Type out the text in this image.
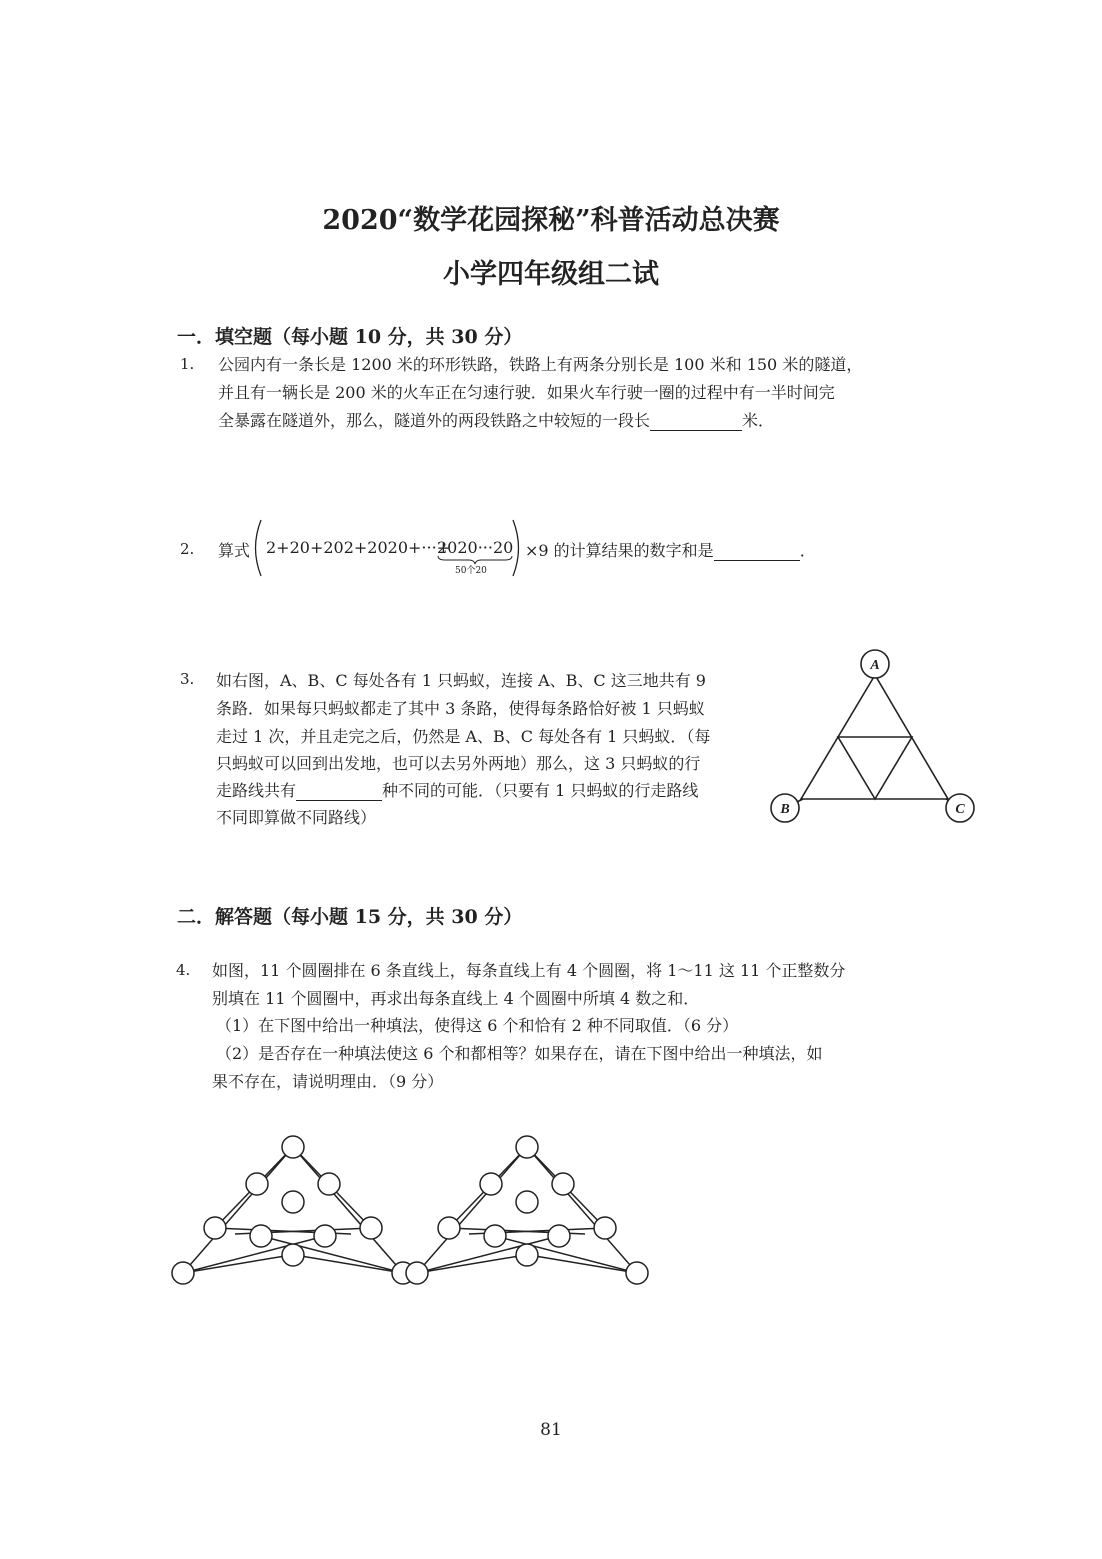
2020“数学花园探秘”科普活动总决赛
小学四年级组二试
一．填空题（每小题 10 分，共 30 分）
1. 公园内有一条长是 1200 米的环形铁路，铁路上有两条分别长是 100 米和 150 米的隧道，
并且有一辆长是 200 米的火车正在匀速行驶．如果火车行驶一圈的过程中有一半时间完
全暴露在隧道外，那么，隧道外的两段铁路之中较短的一段长	米．
2. 算式 2+20+202+2020+···+
2020···20
50个20
×9 的计算结果的数字和是	．
3. 如右图，A、B、C 每处各有 1 只蚂蚁，连接 A、B、C 这三地共有 9
条路．如果每只蚂蚁都走了其中 3 条路，使得每条路恰好被 1 只蚂蚁
走过 1 次，并且走完之后，仍然是 A、B、C 每处各有 1 只蚂蚁．（每
只蚂蚁可以回到出发地，也可以去另外两地）那么，这 3 只蚂蚁的行
走路线共有	种不同的可能．（只要有 1 只蚂蚁的行走路线
不同即算做不同路线）
A
B	C
二．解答题（每小题 15 分，共 30 分）
4. 如图，11 个圆圈排在 6 条直线上，每条直线上有 4 个圆圈，将 1～11 这 11 个正整数分
别填在 11 个圆圈中，再求出每条直线上 4 个圆圈中所填 4 数之和．
（1）在下图中给出一种填法，使得这 6 个和恰有 2 种不同取值．（6 分）
（2）是否存在一种填法使这 6 个和都相等？如果存在，请在下图中给出一种填法，如
果不存在，请说明理由．（9 分）
81
